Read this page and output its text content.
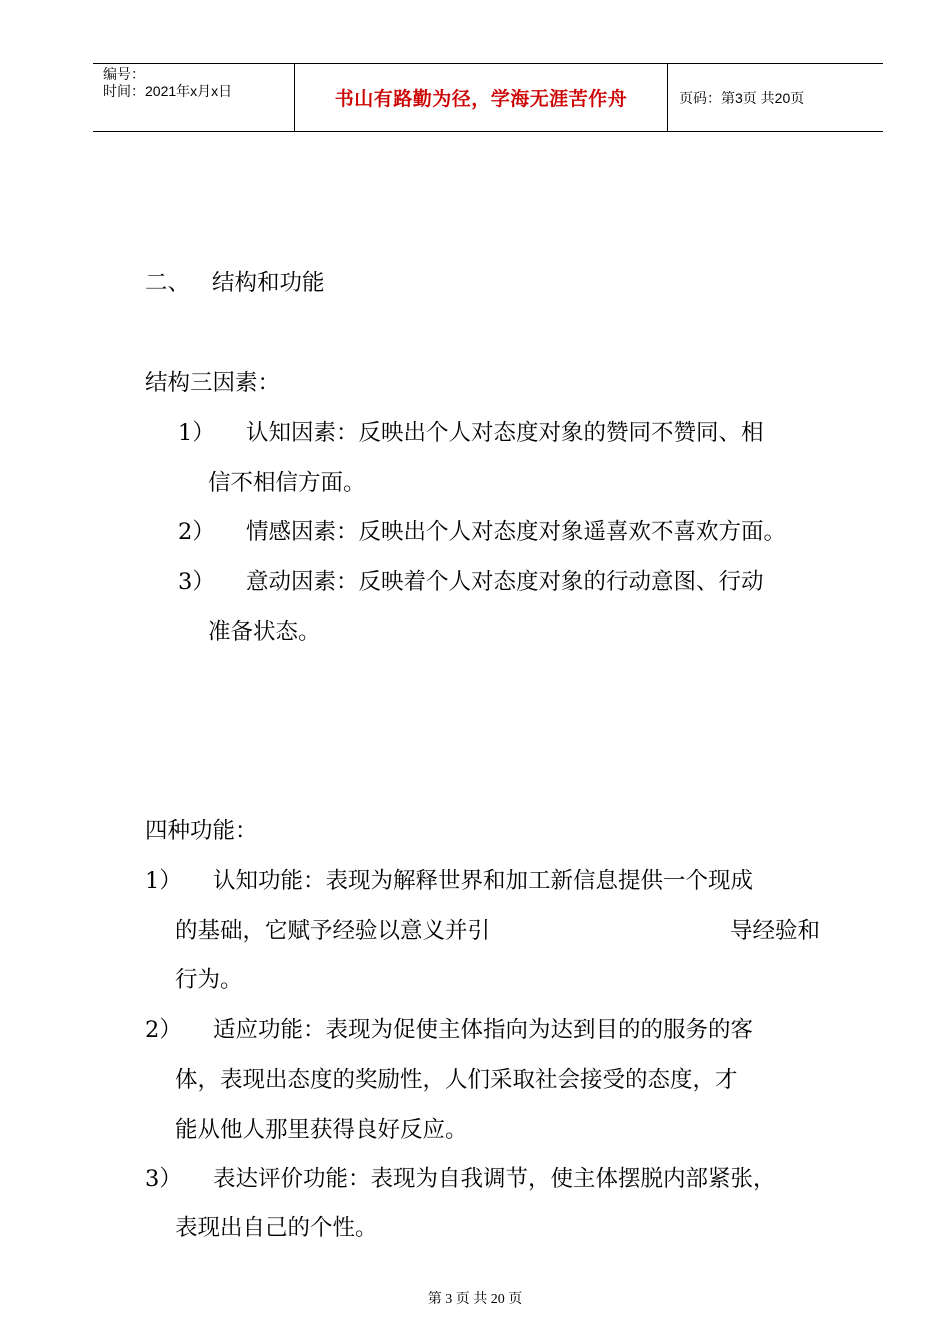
编号：
时间：2021年x月x日	书山有路勤为径，学海无涯苦作舟	页码：第3页 共20页
二、 结构和功能
结构三因素：
1） 认知因素：反映出个人对态度对象的赞同不赞同、相
信不相信方面。
2） 情感因素：反映出个人对态度对象遥喜欢不喜欢方面。
3） 意动因素：反映着个人对态度对象的行动意图、行动
准备状态。
四种功能：
1） 认知功能：表现为解释世界和加工新信息提供一个现成
的基础，它赋予经验以意义并引	导经验和
行为。
2） 适应功能：表现为促使主体指向为达到目的的服务的客
体，表现出态度的奖励性，人们采取社会接受的态度，才
能从他人那里获得良好反应。
3） 表达评价功能：表现为自我调节，使主体摆脱内部紧张，
表现出自己的个性。
第 3 页 共 20 页
